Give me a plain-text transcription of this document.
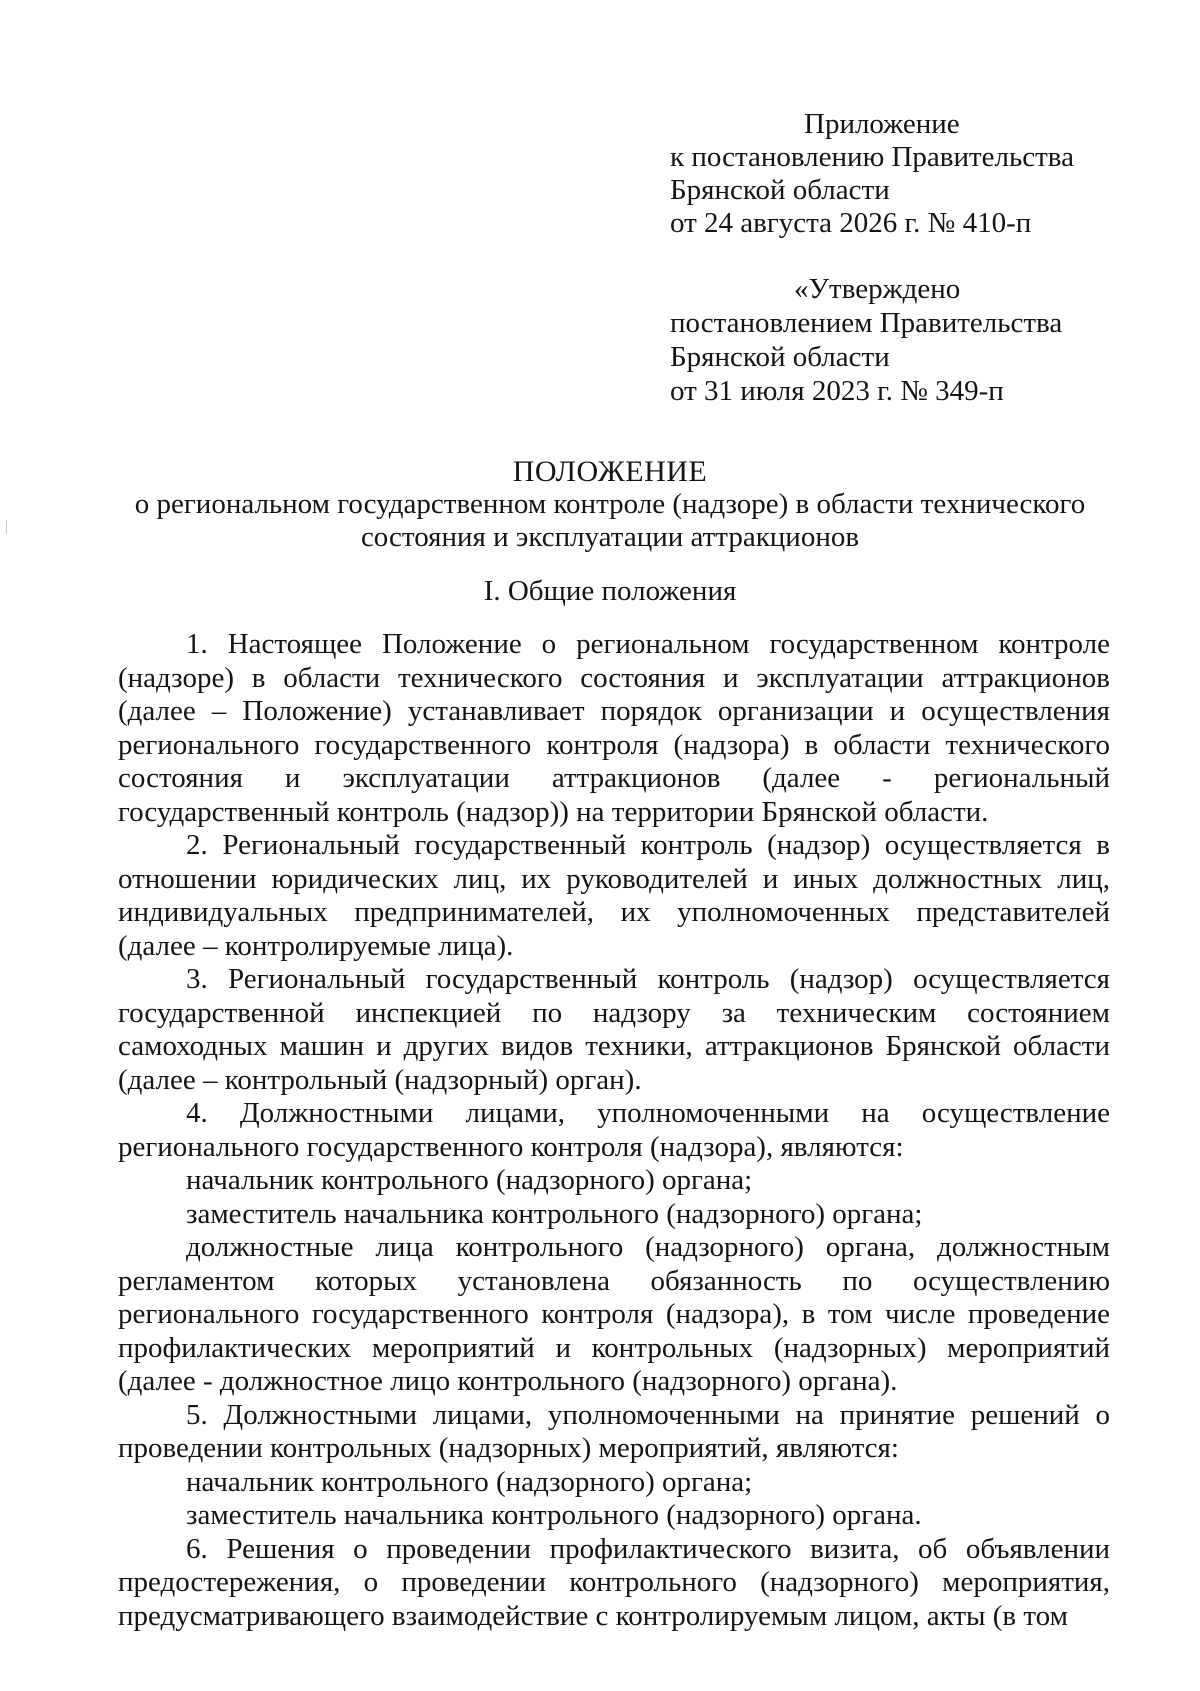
Приложение
к постановлению Правительства
Брянской области
от 24 августа 2026 г. № 410-п
«Утверждено
постановлением Правительства
Брянской области
от 31 июля 2023 г. № 349-п
ПОЛОЖЕНИЕ
о региональном государственном контроле (надзоре) в области технического состояния и эксплуатации аттракционов
I. Общие положения

1. Настоящее Положение о региональном государственном контроле (надзоре) в области технического состояния и эксплуатации аттракционов (далее – Положение) устанавливает порядок организации и осуществления регионального государственного контроля (надзора) в области технического состояния и эксплуатации аттракционов (далее - региональный государственный контроль (надзор)) на территории Брянской области.

2. Региональный государственный контроль (надзор) осуществляется в отношении юридических лиц, их руководителей и иных должностных лиц, индивидуальных предпринимателей, их уполномоченных представителей (далее – контролируемые лица).

3. Региональный государственный контроль (надзор) осуществляется государственной инспекцией по надзору за техническим состоянием самоходных машин и других видов техники, аттракционов Брянской области (далее – контрольный (надзорный) орган).

4. Должностными лицами, уполномоченными на осуществление регионального государственного контроля (надзора), являются:

начальник контрольного (надзорного) органа;

заместитель начальника контрольного (надзорного) органа;

должностные лица контрольного (надзорного) органа, должностным регламентом которых установлена обязанность по осуществлению регионального государственного контроля (надзора), в том числе проведение профилактических мероприятий и контрольных (надзорных) мероприятий (далее - должностное лицо контрольного (надзорного) органа).

5. Должностными лицами, уполномоченными на принятие решений о проведении контрольных (надзорных) мероприятий, являются:

начальник контрольного (надзорного) органа;

заместитель начальника контрольного (надзорного) органа.

6. Решения о проведении профилактического визита, об объявлении предостережения, о проведении контрольного (надзорного) мероприятия, предусматривающего взаимодействие с контролируемым лицом, акты (в том
